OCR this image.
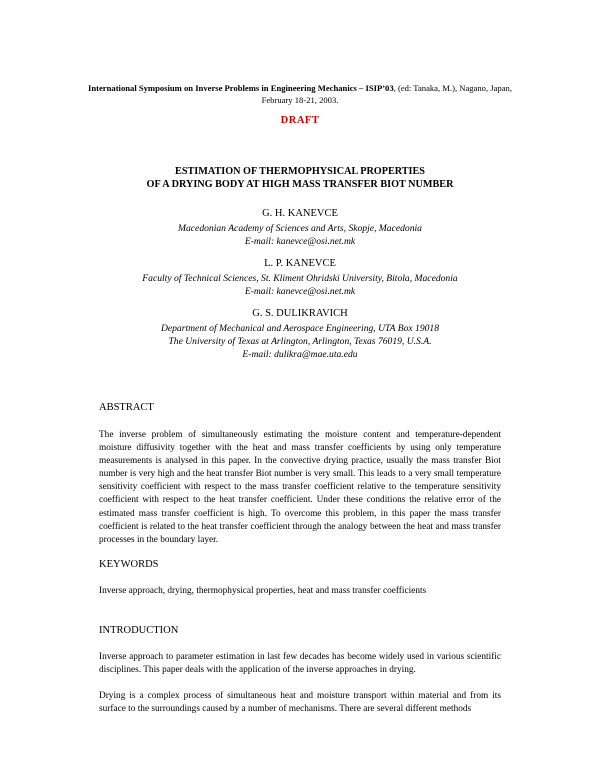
International Symposium on Inverse Problems in Engineering Mechanics – ISIP’03, (ed: Tanaka, M.), Nagano, Japan, February 18-21, 2003.
DRAFT
ESTIMATION OF THERMOPHYSICAL PROPERTIES
OF A DRYING BODY AT HIGH MASS TRANSFER BIOT NUMBER
G. H. KANEVCE
Macedonian Academy of Sciences and Arts, Skopje, Macedonia
E-mail: kanevce@osi.net.mk
L. P. KANEVCE
Faculty of Technical Sciences, St. Kliment Ohridski University, Bitola, Macedonia
E-mail: kanevce@osi.net.mk
G. S. DULIKRAVICH
Department of Mechanical and Aerospace Engineering, UTA Box 19018
The University of Texas at Arlington, Arlington, Texas 76019, U.S.A.
E-mail: dulikra@mae.uta.edu
ABSTRACT
The inverse problem of simultaneously estimating the moisture content and temperature-dependent moisture diffusivity together with the heat and mass transfer coefficients by using only temperature measurements is analysed in this paper. In the convective drying practice, usually the mass transfer Biot number is very high and the heat transfer Biot number is very small. This leads to a very small temperature sensitivity coefficient with respect to the mass transfer coefficient relative to the temperature sensitivity coefficient with respect to the heat transfer coefficient. Under these conditions the relative error of the estimated mass transfer coefficient is high. To overcome this problem, in this paper the mass transfer coefficient is related to the heat transfer coefficient through the analogy between the heat and mass transfer processes in the boundary layer.
KEYWORDS
Inverse approach, drying, thermophysical properties, heat and mass transfer coefficients
INTRODUCTION
Inverse approach to parameter estimation in last few decades has become widely used in various scientific disciplines. This paper deals with the application of the inverse approaches in drying.
Drying is a complex process of simultaneous heat and moisture transport within material and from its surface to the surroundings caused by a number of mechanisms. There are several different methods
